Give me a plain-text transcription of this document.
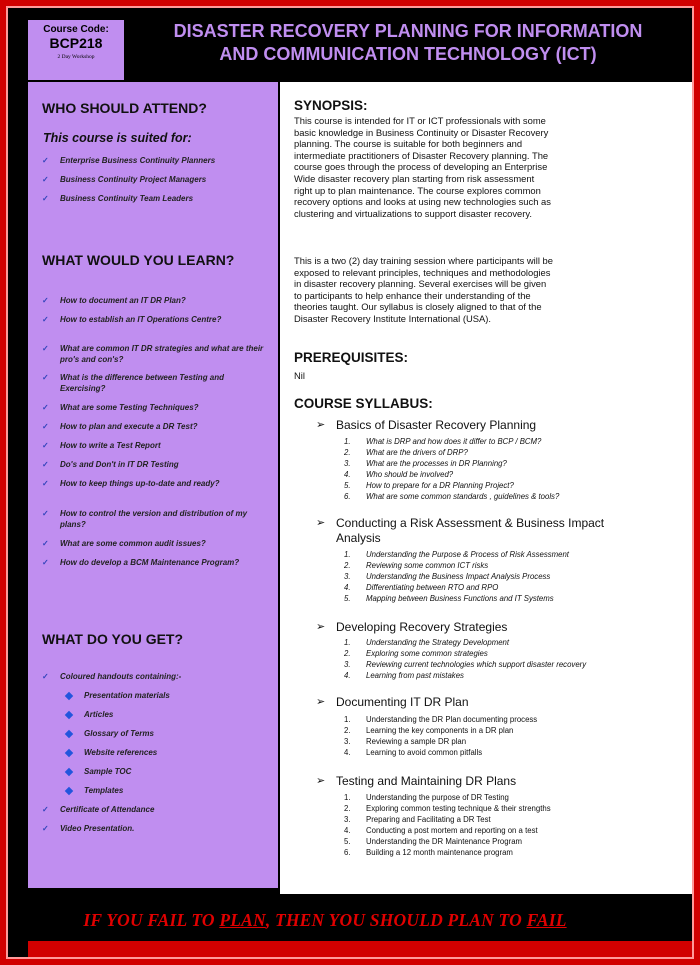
Course Code:
BCP218
2 Day Workshop
DISASTER RECOVERY PLANNING FOR INFORMATION
AND COMMUNICATION TECHNOLOGY (ICT)
WHO SHOULD ATTEND?
This course is suited for:
✓ Enterprise Business Continuity Planners
✓ Business Continuity Project Managers
✓ Business Continuity Team Leaders
WHAT WOULD YOU LEARN?
✓ How to document an IT DR Plan?
✓ How to establish an IT Operations Centre?
✓ What are common IT DR strategies and what are their pro's and con's?
✓ What is the difference between Testing and Exercising?
✓ What are some Testing Techniques?
✓ How to plan and execute a DR Test?
✓ How to write a Test Report
✓ Do's and Don't in IT DR Testing
✓ How to keep things up-to-date and ready?
✓ How to control the version and distribution of my plans?
✓ What are some common audit issues?
✓ How do develop a BCM Maintenance Program?
WHAT DO YOU GET?
✓ Coloured handouts containing:-
Presentation materials
Articles
Glossary of Terms
Website references
Sample TOC
Templates
✓ Certificate of Attendance
✓ Video Presentation.
SYNOPSIS:
This course is intended for IT or ICT professionals with some
basic knowledge in Business Continuity or Disaster Recovery
planning. The course is suitable for both beginners and
intermediate practitioners of Disaster Recovery planning. The
course goes through the process of developing an Enterprise
Wide disaster recovery plan starting from risk assessment
right up to plan maintenance. The course explores common
recovery options and looks at using new technologies such as
clustering and virtualizations to support disaster recovery.
This is a two (2) day training session where participants will be
exposed to relevant principles, techniques and methodologies
in disaster recovery planning. Several exercises will be given
to participants to help enhance their understanding of the
theories taught. Our syllabus is closely aligned to that of the
Disaster Recovery Institute International (USA).
PREREQUISITES:
Nil
COURSE SYLLABUS:
➢ Basics of Disaster Recovery Planning
1. What is DRP and how does it differ to BCP / BCM?
2. What are the drivers of DRP?
3. What are the processes in DR Planning?
4. Who should be involved?
5. How to prepare for a DR Planning Project?
6. What are some common standards , guidelines & tools?
➢ Conducting a Risk Assessment & Business Impact
Analysis
1. Understanding the Purpose & Process of Risk Assessment
2. Reviewing some common ICT risks
3. Understanding the Business Impact Analysis Process
4. Differentiating between RTO and RPO
5. Mapping between Business Functions and IT Systems
➢ Developing Recovery Strategies
1. Understanding the Strategy Development
2. Exploring some common strategies
3. Reviewing current technologies which support disaster recovery
4. Learning from past mistakes
➢ Documenting IT DR Plan
1. Understanding the DR Plan documenting process
2. Learning the key components in a DR plan
3. Reviewing a sample DR plan
4. Learning to avoid common pitfalls
➢ Testing and Maintaining DR Plans
1. Understanding the purpose of DR Testing
2. Exploring common testing technique & their strengths
3. Preparing and Facilitating a DR Test
4. Conducting a post mortem and reporting on a test
5. Understanding the DR Maintenance Program
6. Building a 12 month maintenance program
IF YOU FAIL TO PLAN, THEN YOU SHOULD PLAN TO FAIL
